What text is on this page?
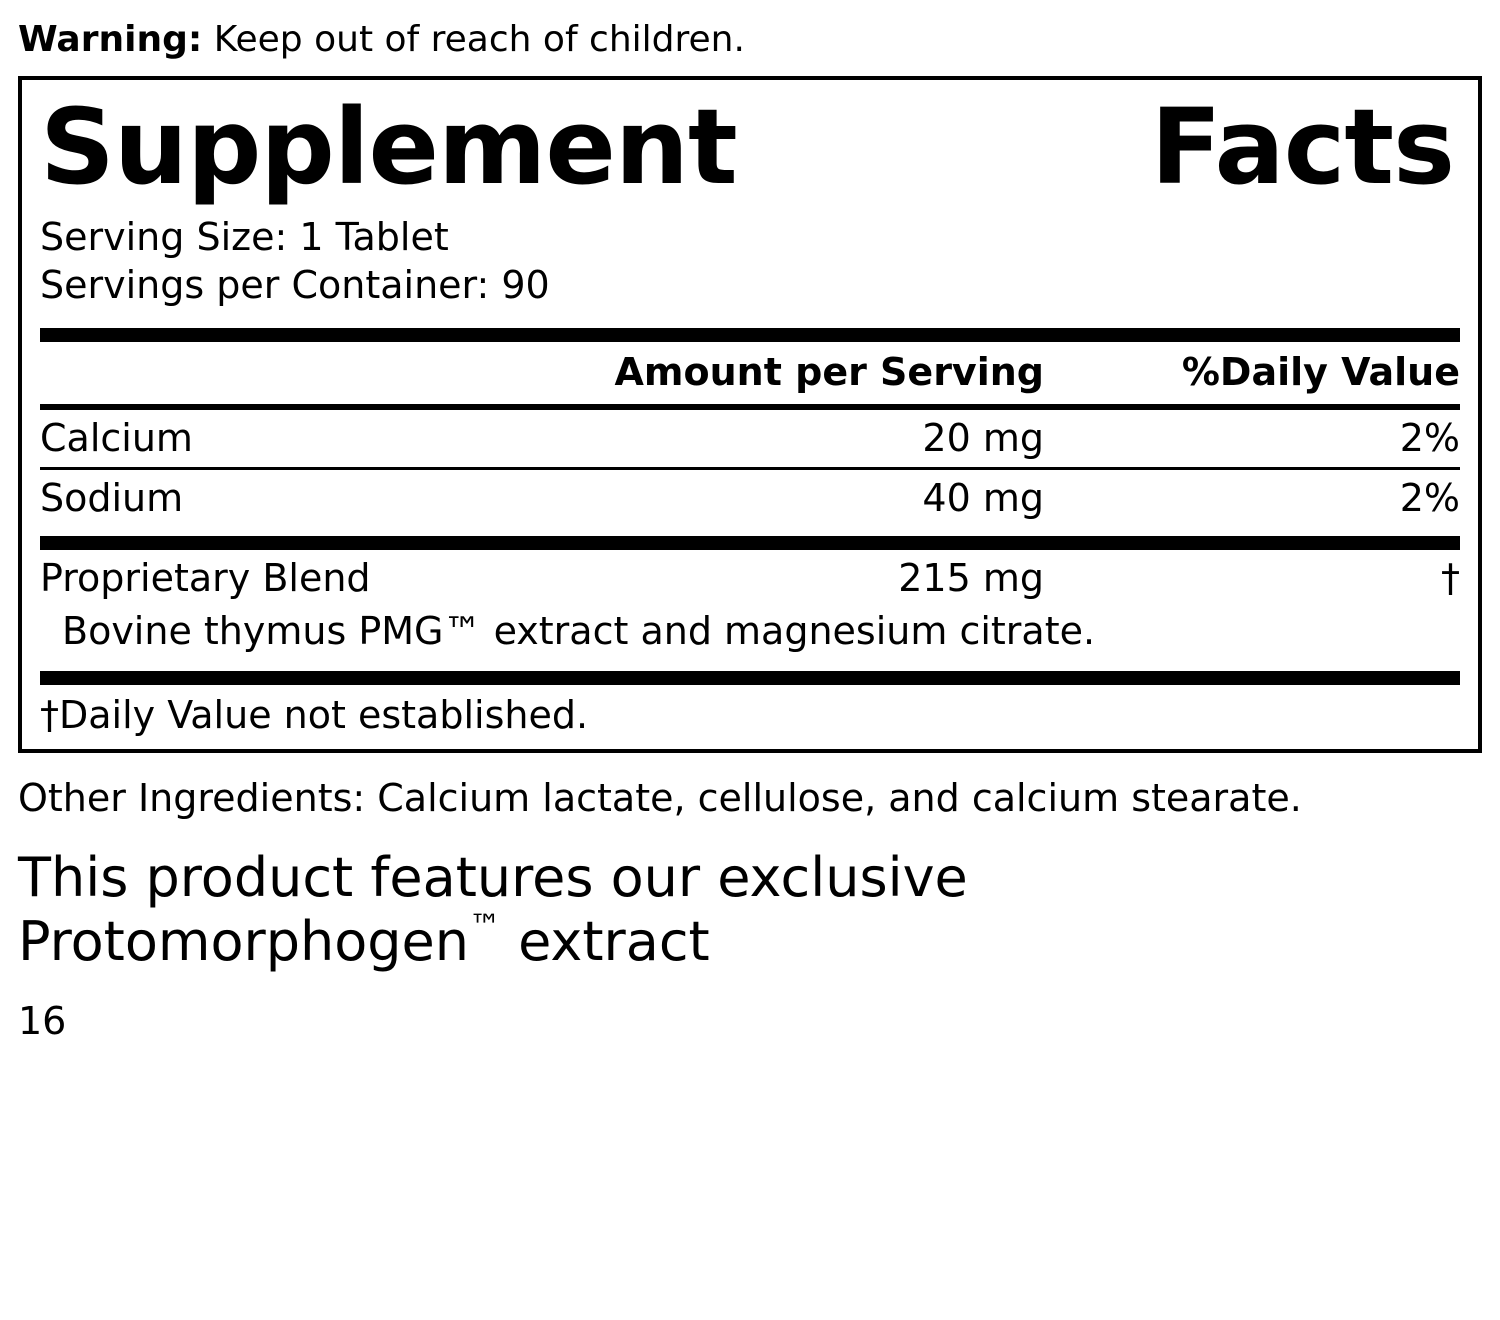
Warning: Keep out of reach of children.
Supplement	Facts
Serving Size: 1 Tablet
Servings per Container: 90
Amount per Serving	%Daily Value
Calcium	20 mg	2%
Sodium	40 mg	2%
Proprietary Blend	215 mg	†
Bovine thymus PMG™ extract and magnesium citrate.
†Daily Value not established.
Other Ingredients: Calcium lactate, cellulose, and calcium stearate.
This product features our exclusive
Protomorphogen™ extract
16
